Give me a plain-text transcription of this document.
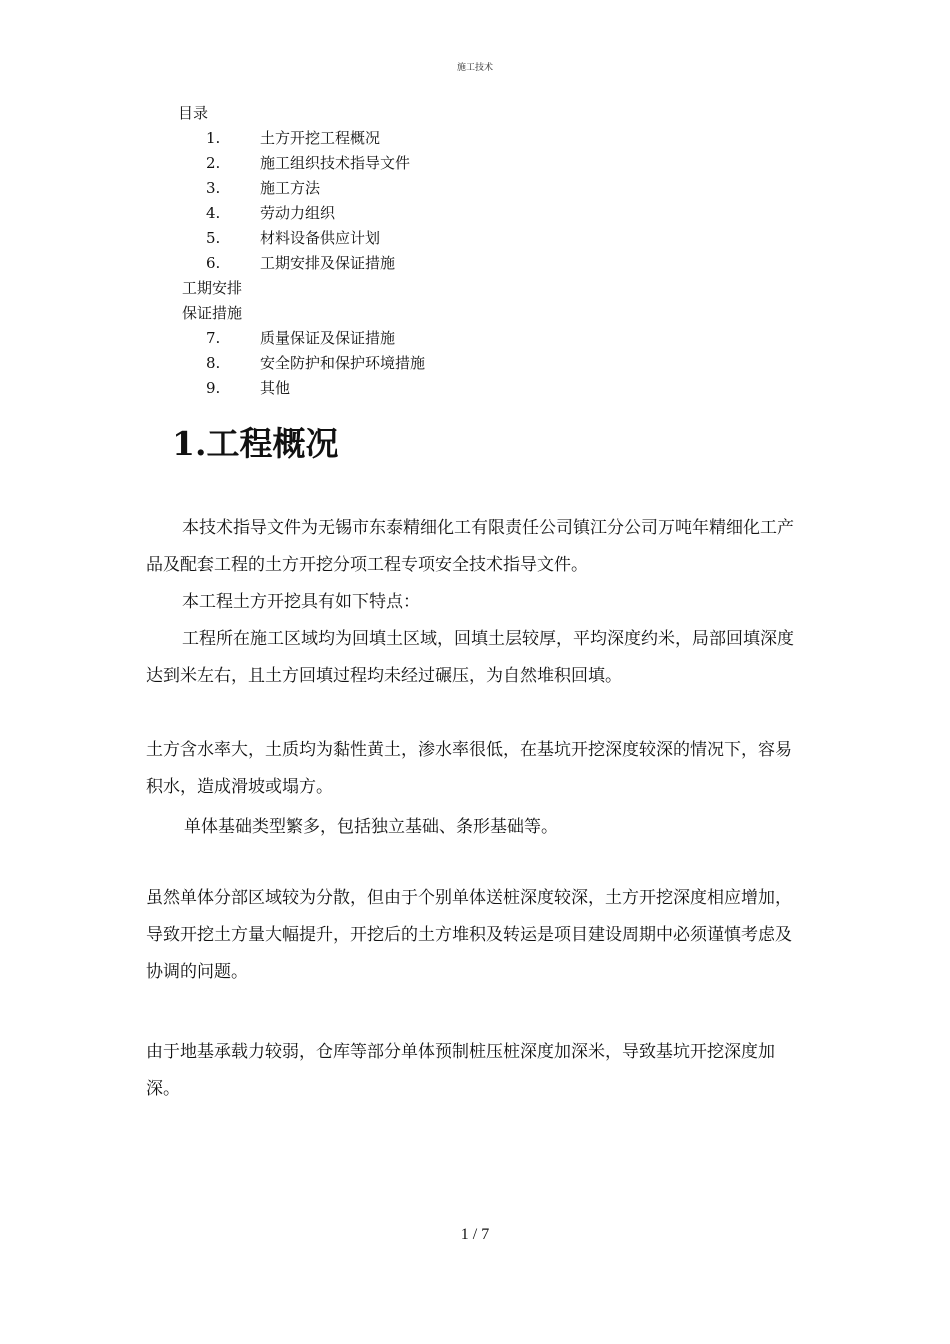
施工技术
目录
1.	土方开挖工程概况
2.	施工组织技术指导文件
3.	施工方法
4.	劳动力组织
5.	材料设备供应计划
6.	工期安排及保证措施
工期安排
保证措施
7.	质量保证及保证措施
8.	安全防护和保护环境措施
9.	其他
1.工程概况

本技术指导文件为无锡市东泰精细化工有限责任公司镇江分公司万吨年精细化工产品及配套工程的土方开挖分项工程专项安全技术指导文件。

本工程土方开挖具有如下特点：

工程所在施工区域均为回填土区域，回填土层较厚，平均深度约米，局部回填深度达到米左右，且土方回填过程均未经过碾压，为自然堆积回填。

土方含水率大，土质均为黏性黄土，渗水率很低，在基坑开挖深度较深的情况下，容易积水，造成滑坡或塌方。

单体基础类型繁多，包括独立基础、条形基础等。

虽然单体分部区域较为分散，但由于个别单体送桩深度较深，土方开挖深度相应增加，导致开挖土方量大幅提升，开挖后的土方堆积及转运是项目建设周期中必须谨慎考虑及协调的问题。

由于地基承载力较弱，仓库等部分单体预制桩压桩深度加深米，导致基坑开挖深度加深。

1 / 7
